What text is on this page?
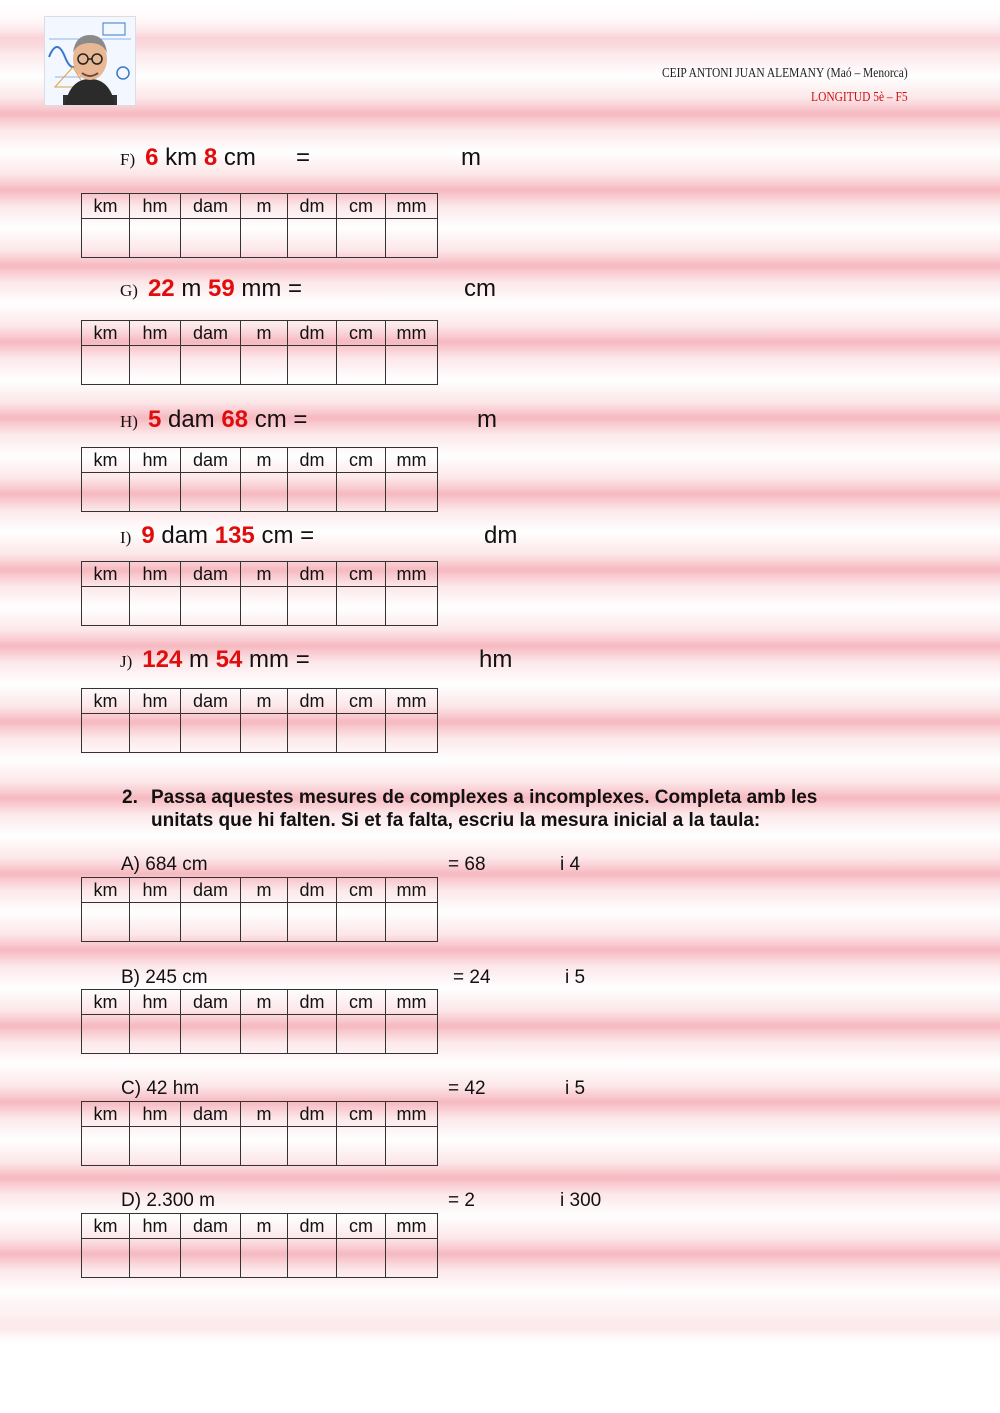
CEIP ANTONI JUAN ALEMANY (Maó – Menorca)
LONGITUD 5è – F5
F) 6 km 8 cm =	m
km	hm	dam	m	dm	cm	mm

G) 22 m 59 mm =	cm
km	hm	dam	m	dm	cm	mm

H) 5 dam 68 cm =	m
km	hm	dam	m	dm	cm	mm

I) 9 dam 135 cm =	dm
km	hm	dam	m	dm	cm	mm

J) 124 m 54 mm =	hm
km	hm	dam	m	dm	cm	mm

2. Passa aquestes mesures de complexes a incomplexes. Completa amb les unitats que hi falten. Si et fa falta, escriu la mesura inicial a la taula:
A) 684 cm	= 68	i 4
km	hm	dam	m	dm	cm	mm

B) 245 cm	= 24	i 5
km	hm	dam	m	dm	cm	mm

C) 42 hm	= 42	i 5
km	hm	dam	m	dm	cm	mm

D) 2.300 m	= 2	i 300
km	hm	dam	m	dm	cm	mm
